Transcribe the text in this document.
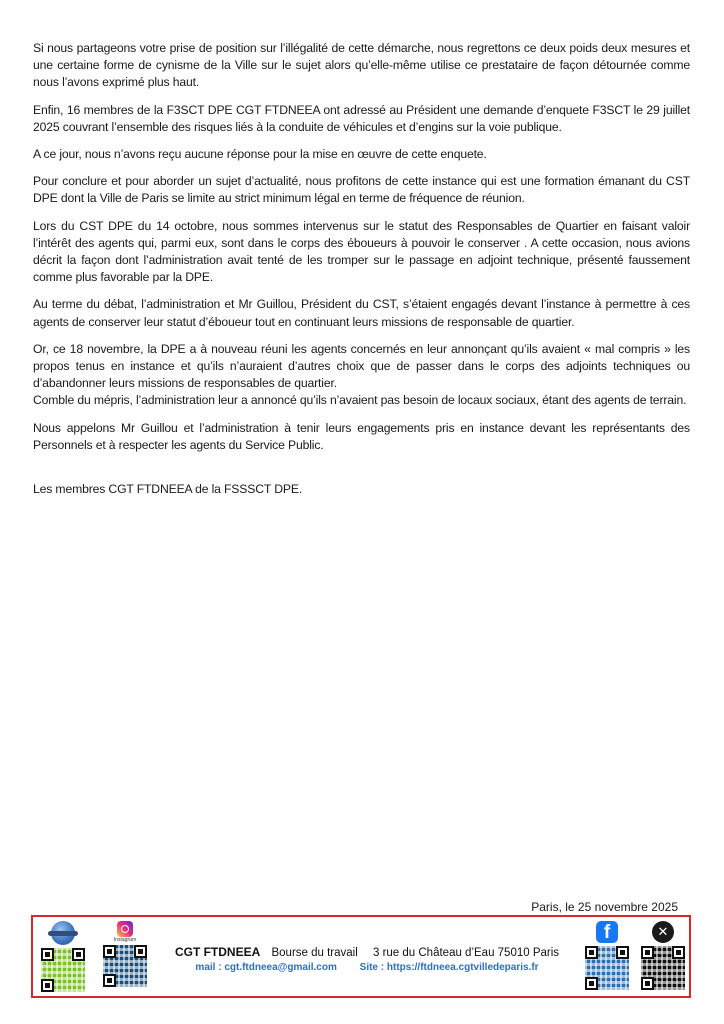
Si nous partageons votre prise de position sur l’illégalité de cette démarche, nous regrettons ce deux poids deux mesures et une certaine forme de cynisme de la Ville sur le sujet alors qu’elle-même utilise ce prestataire de façon détournée comme nous l’avons exprimé plus haut.

Enfin, 16 membres de la F3SCT DPE CGT FTDNEEA ont adressé au Président une demande d’enquete F3SCT le 29 juillet 2025 couvrant l’ensemble des risques liés à la conduite de véhicules et d’engins sur la voie publique.

A ce jour, nous n’avons reçu aucune réponse pour la mise en œuvre de cette enquete.

Pour conclure et pour aborder un sujet d’actualité, nous profitons de cette instance qui est une formation émanant du CST DPE dont la Ville de Paris se limite au strict minimum légal en terme de fréquence de réunion.

Lors du CST DPE du 14 octobre, nous sommes intervenus sur le statut des Responsables de Quartier en faisant valoir l’intérêt des agents qui, parmi eux, sont dans le corps des éboueurs à pouvoir le conserver . A cette occasion, nous avions décrit la façon dont l’administration avait tenté de les tromper sur le passage en adjoint technique, présenté faussement comme plus favorable par la DPE.

Au terme du débat, l’administration et Mr Guillou, Président du CST, s’étaient engagés devant l’instance à permettre à ces agents de conserver leur statut d’éboueur tout en continuant leurs missions de responsable de quartier.

Or, ce 18 novembre, la DPE a à nouveau réuni les agents concernés en leur annonçant qu’ils avaient « mal compris » les propos tenus en instance et qu’ils n’auraient d’autres choix que de passer dans le corps des adjoints techniques ou d’abandonner leurs missions de responsables de quartier.
Comble du mépris, l’administration leur a annoncé qu’ils n’avaient pas besoin de locaux sociaux, étant des agents de terrain.

Nous appelons Mr Guillou et l’administration à tenir leurs engagements pris en instance devant les représentants des Personnels et à respecter les agents du Service Public.

Les membres CGT FTDNEEA de la FSSSCT DPE.

Paris, le 25 novembre 2025
Instagram
CGT FTDNEEA Bourse du travail 3 rue du Château d’Eau 75010 Paris
mail : cgt.ftdneea@gmail.com Site : https://ftdneea.cgtvilledeparis.fr
f	✕
